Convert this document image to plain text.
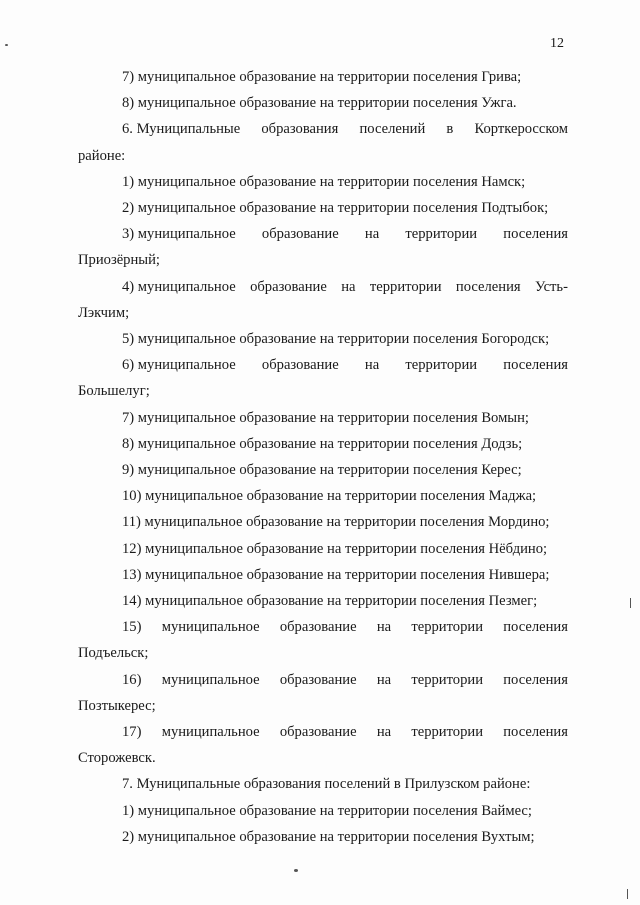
12
7) муниципальное образование на территории поселения Грива;
8) муниципальное образование на территории поселения Ужга.
6. Муниципальные образования поселений в Корткеросском
районе:
1) муниципальное образование на территории поселения Намск;
2) муниципальное образование на территории поселения Подтыбок;
3) муниципальное образование на территории поселения
Приозёрный;
4) муниципальное образование на территории поселения Усть-
Лэкчим;
5) муниципальное образование на территории поселения Богородск;
6) муниципальное образование на территории поселения
Большелуг;
7) муниципальное образование на территории поселения Вомын;
8) муниципальное образование на территории поселения Додзь;
9) муниципальное образование на территории поселения Керес;
10) муниципальное образование на территории поселения Маджа;
11) муниципальное образование на территории поселения Мордино;
12) муниципальное образование на территории поселения Нёбдино;
13) муниципальное образование на территории поселения Нившера;
14) муниципальное образование на территории поселения Пезмег;
15) муниципальное образование на территории поселения
Подъельск;
16) муниципальное образование на территории поселения
Позтыкерес;
17) муниципальное образование на территории поселения
Сторожевск.
7. Муниципальные образования поселений в Прилузском районе:
1) муниципальное образование на территории поселения Ваймес;
2) муниципальное образование на территории поселения Вухтым;
